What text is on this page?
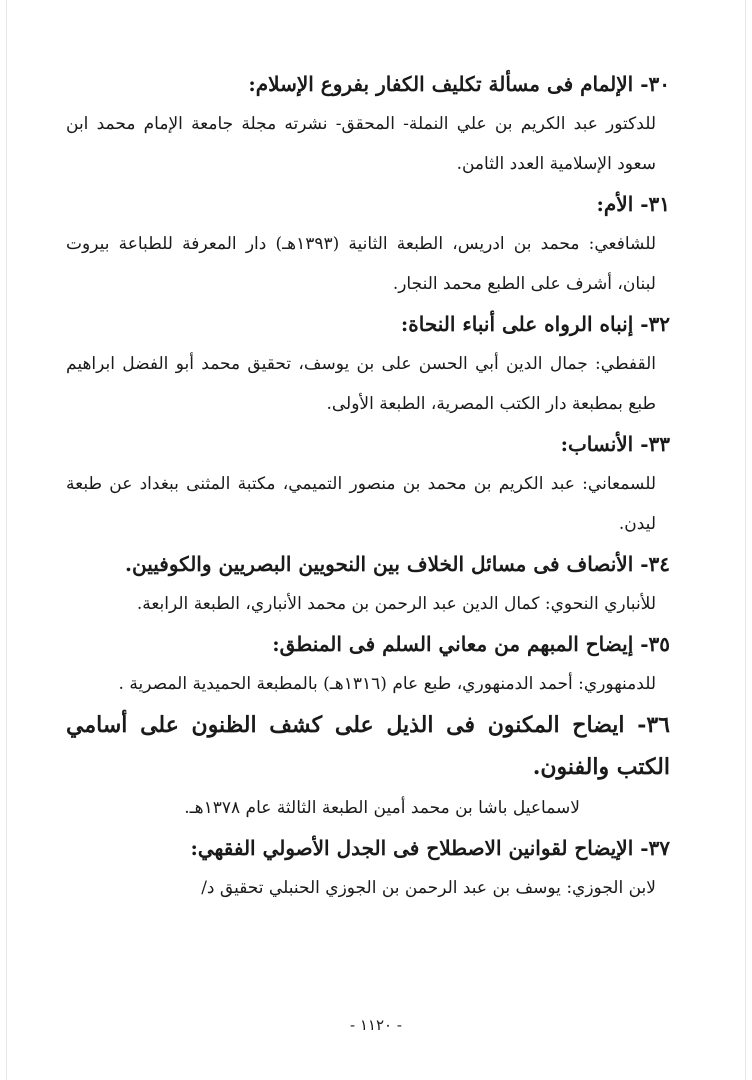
٣٠- الإلمام فى مسألة تكليف الكفار بفروع الإسلام:

للدكتور عبد الكريم بن علي النملة- المحقق- نشرته مجلة جامعة الإمام محمد ابن سعود الإسلامية العدد الثامن.

٣١- الأم:

للشافعي: محمد بن ادريس، الطبعة الثانية (١٣٩٣هـ) دار المعرفة للطباعة بيروت لبنان، أشرف على الطبع محمد النجار.

٣٢- إنباه الرواه على أنباء النحاة:

القفطي: جمال الدين أبي الحسن على بن يوسف، تحقيق محمد أبو الفضل ابراهيم طبع بمطبعة دار الكتب المصرية، الطبعة الأولى.

٣٣- الأنساب:

للسمعاني: عبد الكريم بن محمد بن منصور التميمي، مكتبة المثنى ببغداد عن طبعة ليدن.

٣٤- الأنصاف فى مسائل الخلاف بين النحويين البصريين والكوفيين.

للأنباري النحوي: كمال الدين عبد الرحمن بن محمد الأنباري، الطبعة الرابعة.

٣٥- إيضاح المبهم من معاني السلم فى المنطق:

للدمنهوري: أحمد الدمنهوري، طبع عام (١٣١٦هـ) بالمطبعة الحميدية المصرية .

٣٦- ايضاح المكنون فى الذيل على كشف الظنون على أسامي الكتب والفنون.

لاسماعيل باشا بن محمد أمين الطبعة الثالثة عام ١٣٧٨هـ.

٣٧- الإيضاح لقوانين الاصطلاح فى الجدل الأصولي الفقهي:

لابن الجوزي: يوسف بن عبد الرحمن بن الجوزي الحنبلي تحقيق د/

- ١١٢٠ -
